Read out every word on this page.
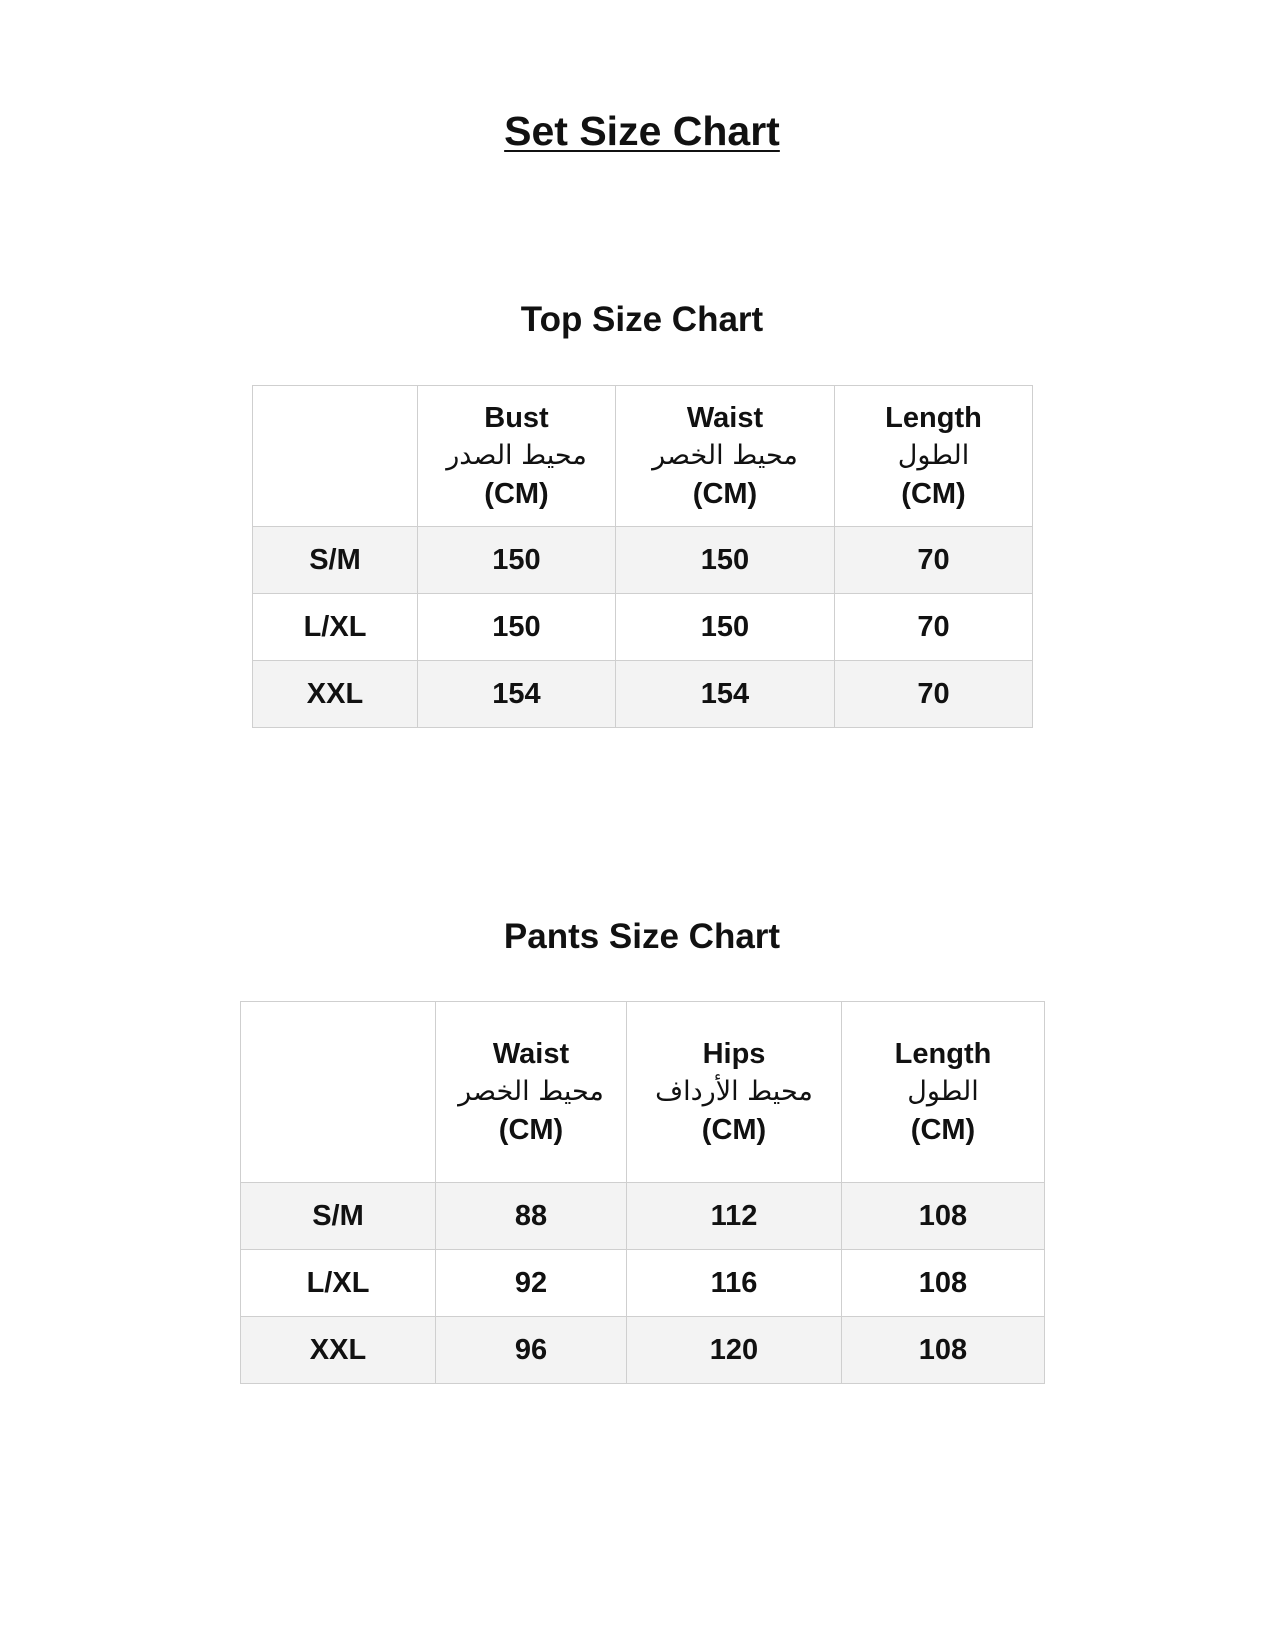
Set Size Chart
Top Size Chart

	Bust
محيط الصدر
(CM)	Waist
محيط الخصر
(CM)	Length
الطول
(CM)

S/M	150	150	70
L/XL	150	150	70
XXL	154	154	70
Pants Size Chart

	Waist
محيط الخصر
(CM)	Hips
محيط الأرداف
(CM)	Length
الطول
(CM)

S/M	88	112	108
L/XL	92	116	108
XXL	96	120	108
